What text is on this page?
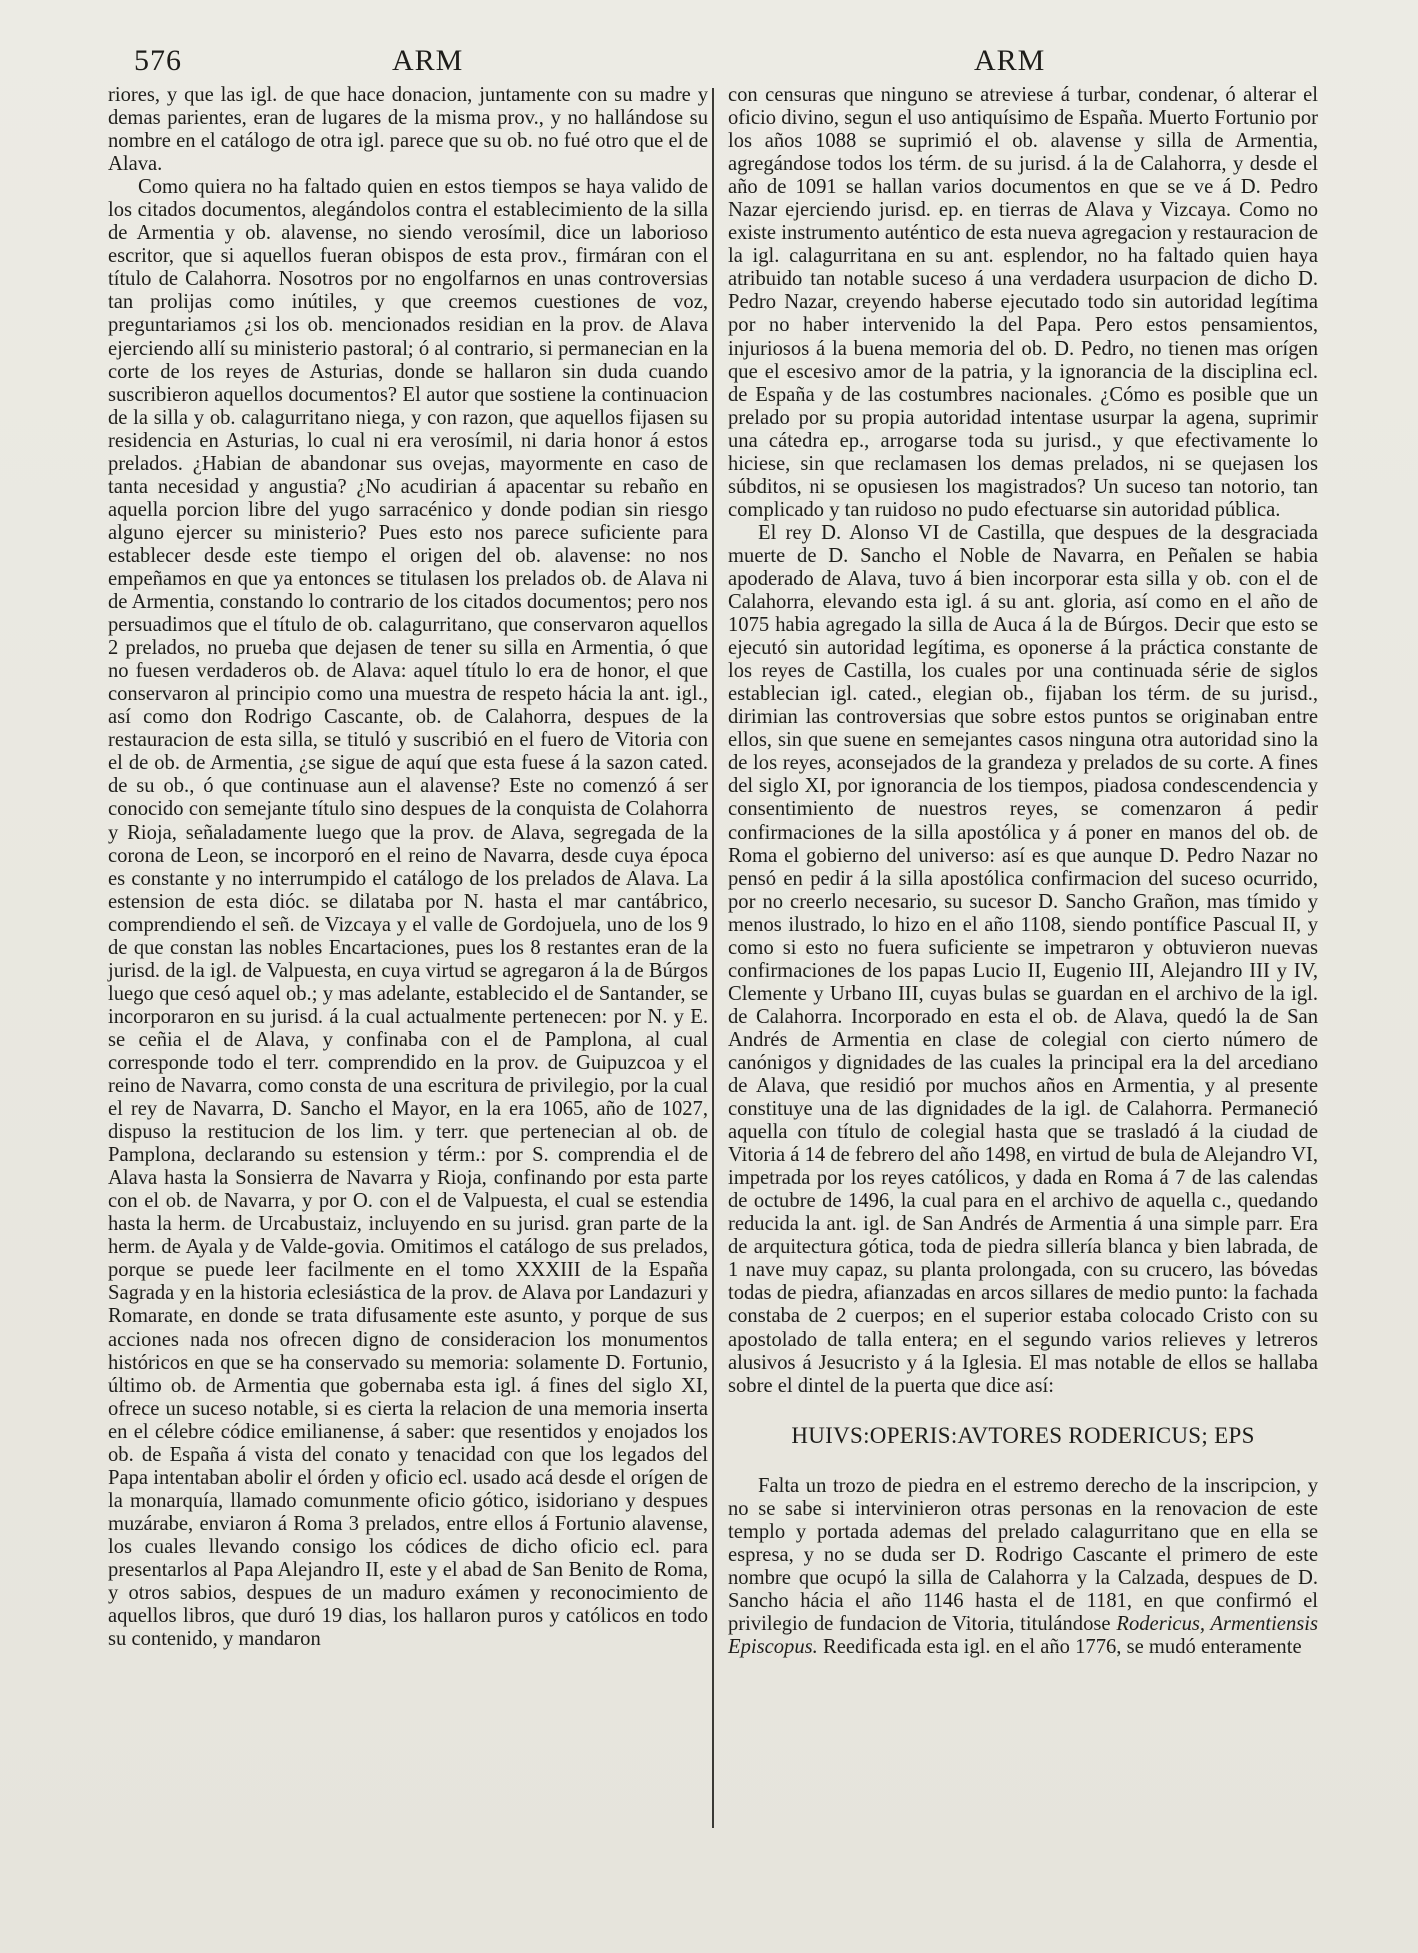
576	ARM	ARM

riores, y que las igl. de que hace donacion, juntamente con su madre y demas parientes, eran de lugares de la misma prov., y no hallándose su nombre en el catálogo de otra igl. parece que su ob. no fué otro que el de Alava.

Como quiera no ha faltado quien en estos tiempos se haya valido de los citados documentos, alegándolos contra el establecimiento de la silla de Armentia y ob. alavense, no siendo verosímil, dice un laborioso escritor, que si aquellos fueran obispos de esta prov., firmáran con el título de Calahorra. Nosotros por no engolfarnos en unas controversias tan prolijas como inútiles, y que creemos cuestiones de voz, preguntariamos ¿si los ob. mencionados residian en la prov. de Alava ejerciendo allí su ministerio pastoral; ó al contrario, si permanecian en la corte de los reyes de Asturias, donde se hallaron sin duda cuando suscribieron aquellos documentos? El autor que sostiene la continuacion de la silla y ob. calagurritano niega, y con razon, que aquellos fijasen su residencia en Asturias, lo cual ni era verosímil, ni daria honor á estos prelados. ¿Habian de abandonar sus ovejas, mayormente en caso de tanta necesidad y angustia? ¿No acudirian á apacentar su rebaño en aquella porcion libre del yugo sarracénico y donde podian sin riesgo alguno ejercer su ministerio? Pues esto nos parece suficiente para establecer desde este tiempo el origen del ob. alavense: no nos empeñamos en que ya entonces se titulasen los prelados ob. de Alava ni de Armentia, constando lo contrario de los citados documentos; pero nos persuadimos que el título de ob. calagurritano, que conservaron aquellos 2 prelados, no prueba que dejasen de tener su silla en Armentia, ó que no fuesen verdaderos ob. de Alava: aquel título lo era de honor, el que conservaron al principio como una muestra de respeto hácia la ant. igl., así como don Rodrigo Cascante, ob. de Calahorra, despues de la restauracion de esta silla, se tituló y suscribió en el fuero de Vitoria con el de ob. de Armentia, ¿se sigue de aquí que esta fuese á la sazon cated. de su ob., ó que continuase aun el alavense? Este no comenzó á ser conocido con semejante título sino despues de la conquista de Colahorra y Rioja, señaladamente luego que la prov. de Alava, segregada de la corona de Leon, se incorporó en el reino de Navarra, desde cuya época es constante y no interrumpido el catálogo de los prelados de Alava. La estension de esta dióc. se dilataba por N. hasta el mar cantábrico, comprendiendo el señ. de Vizcaya y el valle de Gordojuela, uno de los 9 de que constan las nobles Encartaciones, pues los 8 restantes eran de la jurisd. de la igl. de Valpuesta, en cuya virtud se agregaron á la de Búrgos luego que cesó aquel ob.; y mas adelante, establecido el de Santander, se incorporaron en su jurisd. á la cual actualmente pertenecen: por N. y E. se ceñia el de Alava, y confinaba con el de Pamplona, al cual corresponde todo el terr. comprendido en la prov. de Guipuzcoa y el reino de Navarra, como consta de una escritura de privilegio, por la cual el rey de Navarra, D. Sancho el Mayor, en la era 1065, año de 1027, dispuso la restitucion de los lim. y terr. que pertenecian al ob. de Pamplona, declarando su estension y térm.: por S. comprendia el de Alava hasta la Sonsierra de Navarra y Rioja, confinando por esta parte con el ob. de Navarra, y por O. con el de Valpuesta, el cual se estendia hasta la herm. de Urcabustaiz, incluyendo en su jurisd. gran parte de la herm. de Ayala y de Valde-govia. Omitimos el catálogo de sus prelados, porque se puede leer facilmente en el tomo XXXIII de la España Sagrada y en la historia eclesiástica de la prov. de Alava por Landazuri y Romarate, en donde se trata difusamente este asunto, y porque de sus acciones nada nos ofrecen digno de consideracion los monumentos históricos en que se ha conservado su memoria: solamente D. Fortunio, último ob. de Armentia que gobernaba esta igl. á fines del siglo XI, ofrece un suceso notable, si es cierta la relacion de una memoria inserta en el célebre códice emilianense, á saber: que resentidos y enojados los ob. de España á vista del conato y tenacidad con que los legados del Papa intentaban abolir el órden y oficio ecl. usado acá desde el orígen de la monarquía, llamado comunmente oficio gótico, isidoriano y despues muzárabe, enviaron á Roma 3 prelados, entre ellos á Fortunio alavense, los cuales llevando consigo los códices de dicho oficio ecl. para presentarlos al Papa Alejandro II, este y el abad de San Benito de Roma, y otros sabios, despues de un maduro exámen y reconocimiento de aquellos libros, que duró 19 dias, los hallaron puros y católicos en todo su contenido, y mandaron

con censuras que ninguno se atreviese á turbar, condenar, ó alterar el oficio divino, segun el uso antiquísimo de España. Muerto Fortunio por los años 1088 se suprimió el ob. alavense y silla de Armentia, agregándose todos los térm. de su jurisd. á la de Calahorra, y desde el año de 1091 se hallan varios documentos en que se ve á D. Pedro Nazar ejerciendo jurisd. ep. en tierras de Alava y Vizcaya. Como no existe instrumento auténtico de esta nueva agregacion y restauracion de la igl. calagurritana en su ant. esplendor, no ha faltado quien haya atribuido tan notable suceso á una verdadera usurpacion de dicho D. Pedro Nazar, creyendo haberse ejecutado todo sin autoridad legítima por no haber intervenido la del Papa. Pero estos pensamientos, injuriosos á la buena memoria del ob. D. Pedro, no tienen mas orígen que el escesivo amor de la patria, y la ignorancia de la disciplina ecl. de España y de las costumbres nacionales. ¿Cómo es posible que un prelado por su propia autoridad intentase usurpar la agena, suprimir una cátedra ep., arrogarse toda su jurisd., y que efectivamente lo hiciese, sin que reclamasen los demas prelados, ni se quejasen los súbditos, ni se opusiesen los magistrados? Un suceso tan notorio, tan complicado y tan ruidoso no pudo efectuarse sin autoridad pública.

El rey D. Alonso VI de Castilla, que despues de la desgraciada muerte de D. Sancho el Noble de Navarra, en Peñalen se habia apoderado de Alava, tuvo á bien incorporar esta silla y ob. con el de Calahorra, elevando esta igl. á su ant. gloria, así como en el año de 1075 habia agregado la silla de Auca á la de Búrgos. Decir que esto se ejecutó sin autoridad legítima, es oponerse á la práctica constante de los reyes de Castilla, los cuales por una continuada série de siglos establecian igl. cated., elegian ob., fijaban los térm. de su jurisd., dirimian las controversias que sobre estos puntos se originaban entre ellos, sin que suene en semejantes casos ninguna otra autoridad sino la de los reyes, aconsejados de la grandeza y prelados de su corte. A fines del siglo XI, por ignorancia de los tiempos, piadosa condescendencia y consentimiento de nuestros reyes, se comenzaron á pedir confirmaciones de la silla apostólica y á poner en manos del ob. de Roma el gobierno del universo: así es que aunque D. Pedro Nazar no pensó en pedir á la silla apostólica confirmacion del suceso ocurrido, por no creerlo necesario, su sucesor D. Sancho Grañon, mas tímido y menos ilustrado, lo hizo en el año 1108, siendo pontífice Pascual II, y como si esto no fuera suficiente se impetraron y obtuvieron nuevas confirmaciones de los papas Lucio II, Eugenio III, Alejandro III y IV, Clemente y Urbano III, cuyas bulas se guardan en el archivo de la igl. de Calahorra. Incorporado en esta el ob. de Alava, quedó la de San Andrés de Armentia en clase de colegial con cierto número de canónigos y dignidades de las cuales la principal era la del arcediano de Alava, que residió por muchos años en Armentia, y al presente constituye una de las dignidades de la igl. de Calahorra. Permaneció aquella con título de colegial hasta que se trasladó á la ciudad de Vitoria á 14 de febrero del año 1498, en virtud de bula de Alejandro VI, impetrada por los reyes católicos, y dada en Roma á 7 de las calendas de octubre de 1496, la cual para en el archivo de aquella c., quedando reducida la ant. igl. de San Andrés de Armentia á una simple parr. Era de arquitectura gótica, toda de piedra sillería blanca y bien labrada, de 1 nave muy capaz, su planta prolongada, con su crucero, las bóvedas todas de piedra, afianzadas en arcos sillares de medio punto: la fachada constaba de 2 cuerpos; en el superior estaba colocado Cristo con su apostolado de talla entera; en el segundo varios relieves y letreros alusivos á Jesucristo y á la Iglesia. El mas notable de ellos se hallaba sobre el dintel de la puerta que dice así:

HUIVS:OPERIS:AVTORES RODERICUS; EPS

Falta un trozo de piedra en el estremo derecho de la inscripcion, y no se sabe si intervinieron otras personas en la renovacion de este templo y portada ademas del prelado calagurritano que en ella se espresa, y no se duda ser D. Rodrigo Cascante el primero de este nombre que ocupó la silla de Calahorra y la Calzada, despues de D. Sancho hácia el año 1146 hasta el de 1181, en que confirmó el privilegio de fundacion de Vitoria, titulándose Rodericus, Armentiensis Episcopus. Reedificada esta igl. en el año 1776, se mudó enteramente
